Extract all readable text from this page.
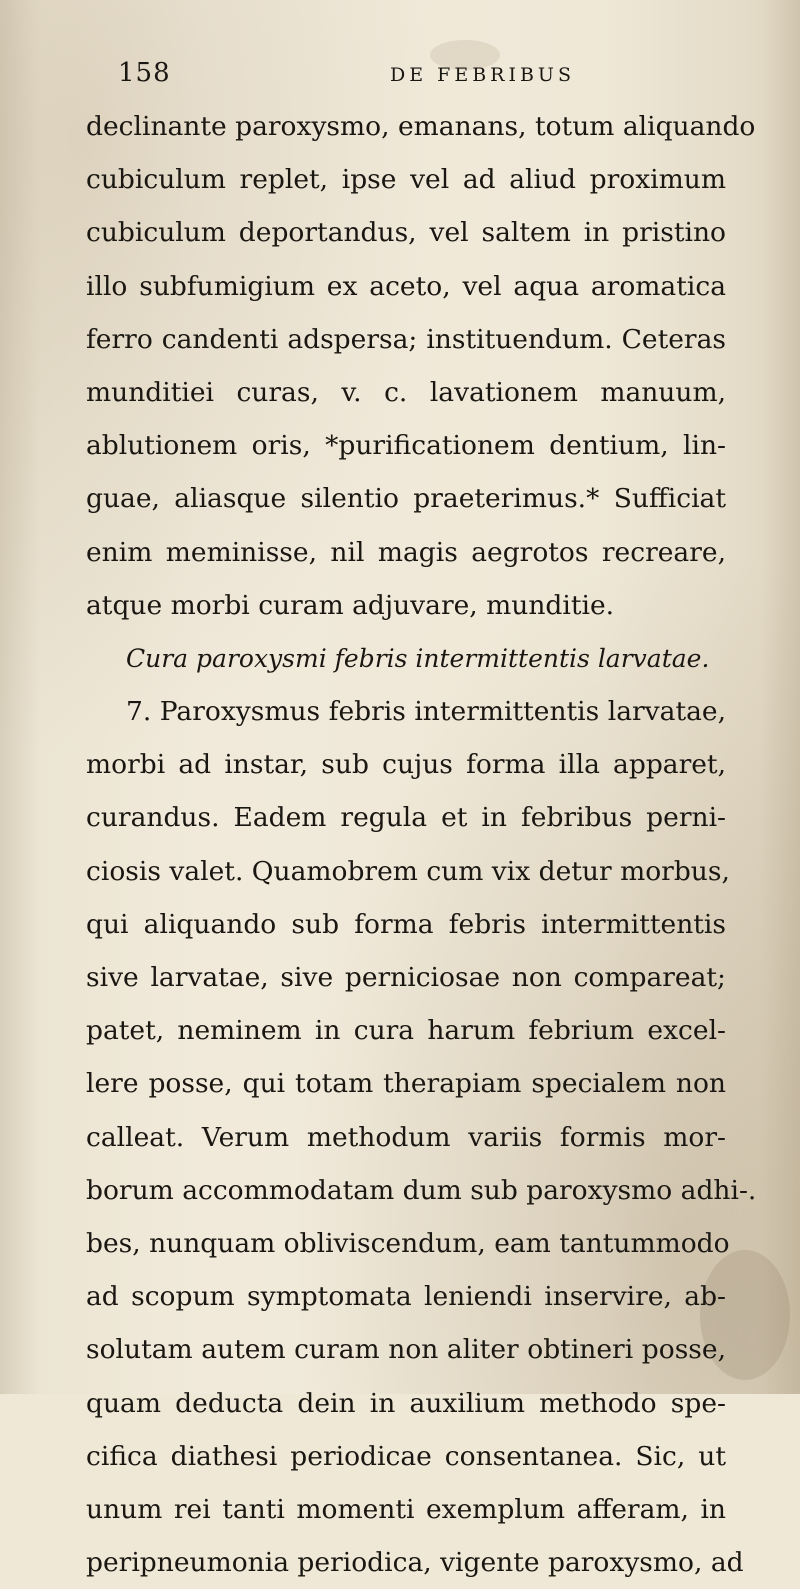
158	DE FEBRIBUS
declinante paroxysmo, emanans, totum aliquando
cubiculum replet, ipse vel ad aliud proximum
cubiculum deportandus, vel saltem in pristino
illo subfumigium ex aceto, vel aqua aromatica
ferro candenti adspersa; instituendum. Ceteras
munditiei curas, v. c. lavationem manuum,
ablutionem oris, *purificationem dentium, lin-
guae, aliasque silentio praeterimus.* Sufficiat
enim meminisse, nil magis aegrotos recreare,
atque morbi curam adjuvare, munditie.
Cura paroxysmi febris intermittentis larvatae.
7. Paroxysmus febris intermittentis larvatae,
morbi ad instar, sub cujus forma illa apparet,
curandus. Eadem regula et in febribus perni-
ciosis valet. Quamobrem cum vix detur morbus,
qui aliquando sub forma febris intermittentis
sive larvatae, sive perniciosae non compareat;
patet, neminem in cura harum febrium excel-
lere posse, qui totam therapiam specialem non
calleat. Verum methodum variis formis mor-
borum accommodatam dum sub paroxysmo adhi-.
bes, nunquam obliviscendum, eam tantummodo
ad scopum symptomata leniendi inservire, ab-
solutam autem curam non aliter obtineri posse,
quam deducta dein in auxilium methodo spe-
cifica diathesi periodicae consentanea. Sic, ut
unum rei tanti momenti exemplum afferam, in
peripneumonia periodica, vigente paroxysmo, ad
